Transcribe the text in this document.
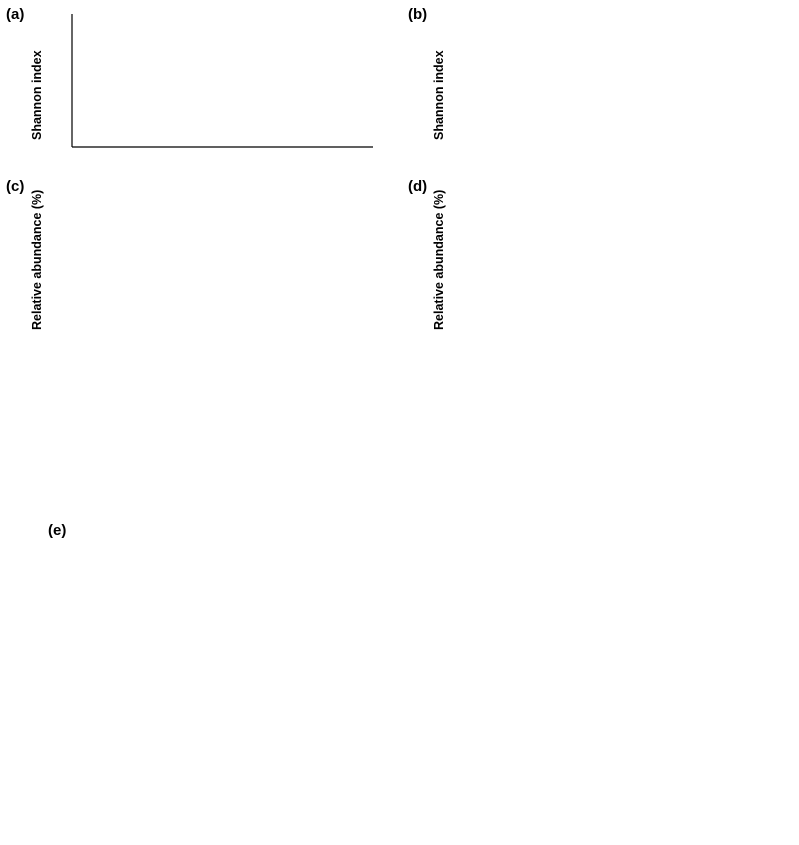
(a)
Shannon index
(b)
Shannon index
(c)
Relative abundance (%)
(d)
Relative abundance (%)
(e)
